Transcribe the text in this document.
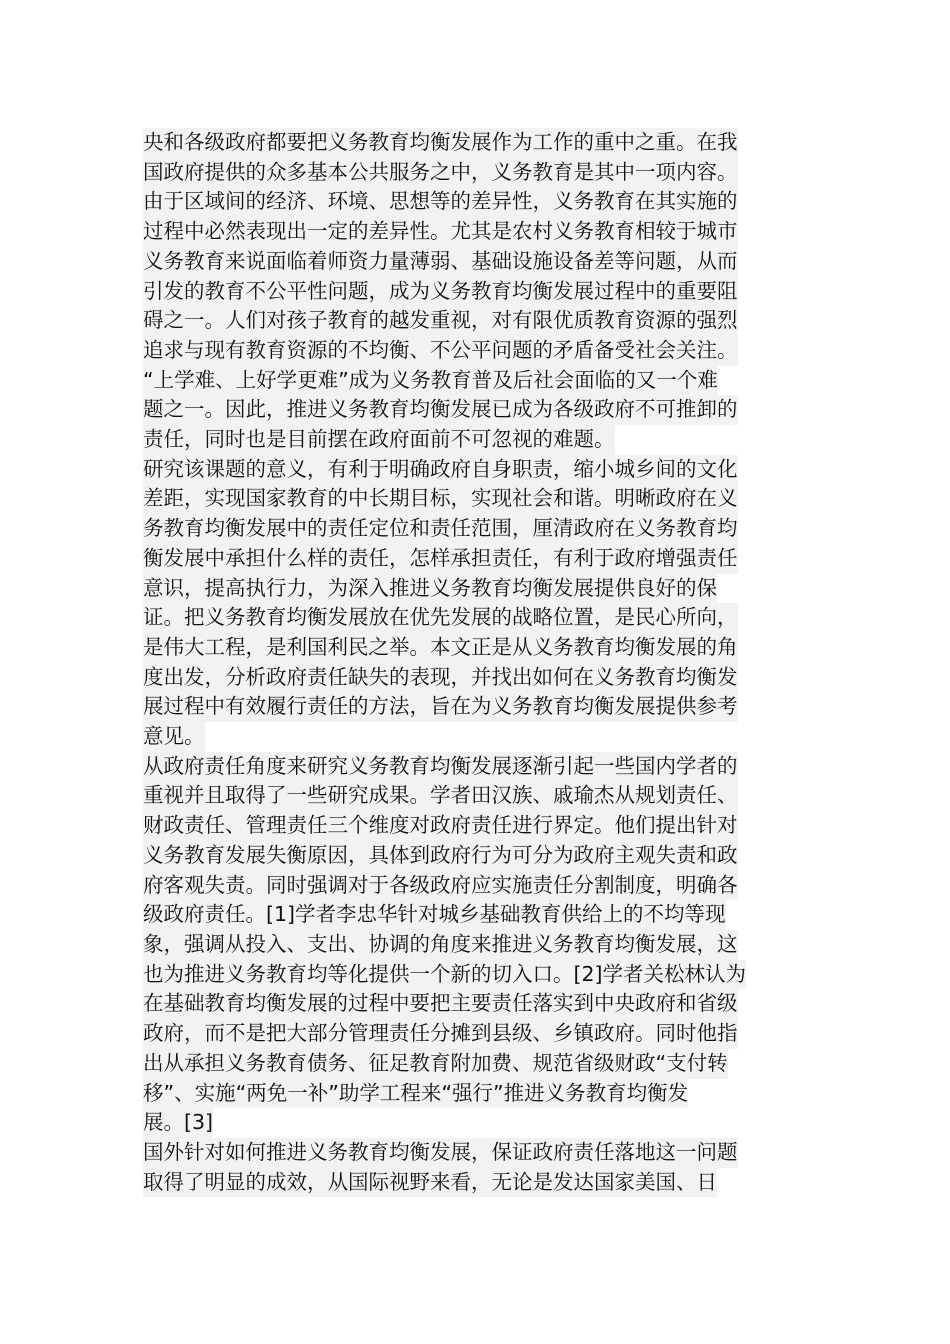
央和各级政府都要把义务教育均衡发展作为工作的重中之重。在我
国政府提供的众多基本公共服务之中，义务教育是其中一项内容。
由于区域间的经济、环境、思想等的差异性，义务教育在其实施的
过程中必然表现出一定的差异性。尤其是农村义务教育相较于城市
义务教育来说面临着师资力量薄弱、基础设施设备差等问题，从而
引发的教育不公平性问题，成为义务教育均衡发展过程中的重要阻
碍之一。人们对孩子教育的越发重视，对有限优质教育资源的强烈
追求与现有教育资源的不均衡、不公平问题的矛盾备受社会关注。
“上学难、上好学更难”成为义务教育普及后社会面临的又一个难
题之一。因此，推进义务教育均衡发展已成为各级政府不可推卸的
责任，同时也是目前摆在政府面前不可忽视的难题。
研究该课题的意义，有利于明确政府自身职责，缩小城乡间的文化
差距，实现国家教育的中长期目标，实现社会和谐。明晰政府在义
务教育均衡发展中的责任定位和责任范围，厘清政府在义务教育均
衡发展中承担什么样的责任，怎样承担责任，有利于政府增强责任
意识，提高执行力，为深入推进义务教育均衡发展提供良好的保
证。把义务教育均衡发展放在优先发展的战略位置，是民心所向，
是伟大工程，是利国利民之举。本文正是从义务教育均衡发展的角
度出发，分析政府责任缺失的表现，并找出如何在义务教育均衡发
展过程中有效履行责任的方法，旨在为义务教育均衡发展提供参考
意见。
从政府责任角度来研究义务教育均衡发展逐渐引起一些国内学者的
重视并且取得了一些研究成果。学者田汉族、戚瑜杰从规划责任、
财政责任、管理责任三个维度对政府责任进行界定。他们提出针对
义务教育发展失衡原因，具体到政府行为可分为政府主观失责和政
府客观失责。同时强调对于各级政府应实施责任分割制度，明确各
级政府责任。[1]学者李忠华针对城乡基础教育供给上的不均等现
象，强调从投入、支出、协调的角度来推进义务教育均衡发展，这
也为推进义务教育均等化提供一个新的切入口。[2]学者关松林认为
在基础教育均衡发展的过程中要把主要责任落实到中央政府和省级
政府，而不是把大部分管理责任分摊到县级、乡镇政府。同时他指
出从承担义务教育债务、征足教育附加费、规范省级财政“支付转
移”、实施“两免一补”助学工程来“强行”推进义务教育均衡发
展。[3]
国外针对如何推进义务教育均衡发展，保证政府责任落地这一问题
取得了明显的成效，从国际视野来看，无论是发达国家美国、日
